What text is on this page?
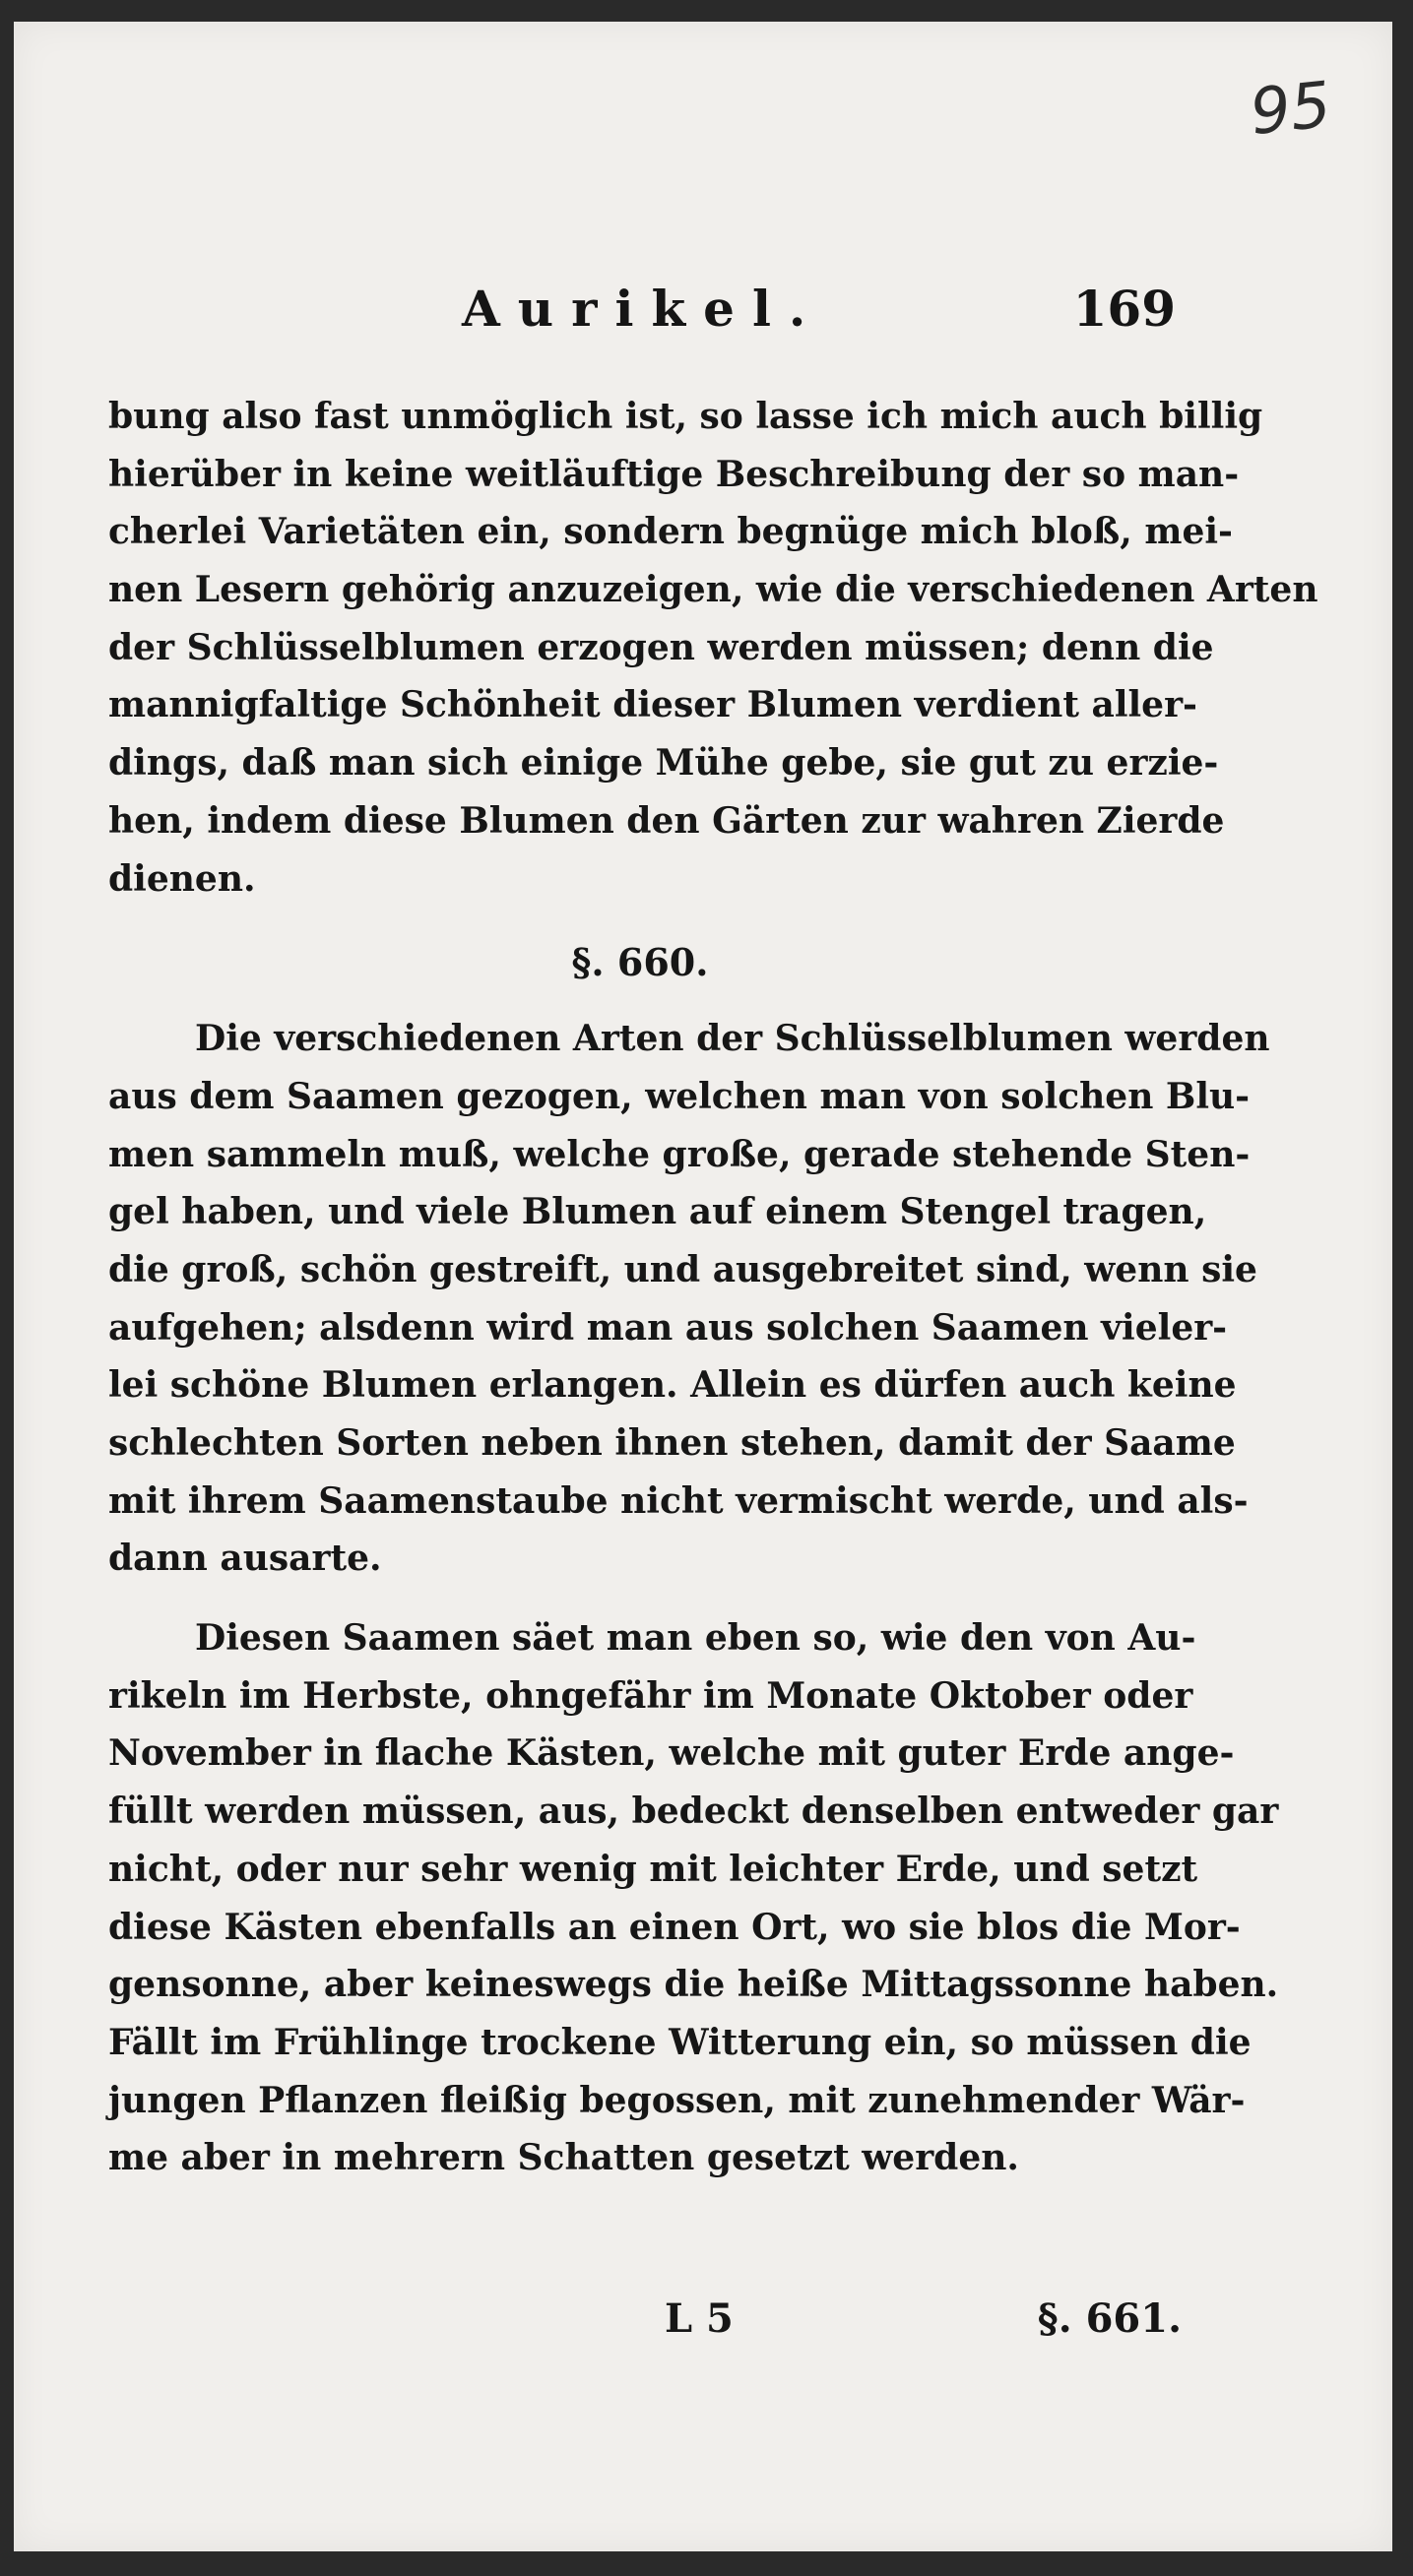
95
Aurikel.	169
bung also fast unmöglich ist, so lasse ich mich auch billig
hierüber in keine weitläuftige Beschreibung der so man-
cherlei Varietäten ein, sondern begnüge mich bloß, mei-
nen Lesern gehörig anzuzeigen, wie die verschiedenen Arten
der Schlüsselblumen erzogen werden müssen; denn die
mannigfaltige Schönheit dieser Blumen verdient aller-
dings, daß man sich einige Mühe gebe, sie gut zu erzie-
hen, indem diese Blumen den Gärten zur wahren Zierde
dienen.
§. 660.
Die verschiedenen Arten der Schlüsselblumen werden
aus dem Saamen gezogen, welchen man von solchen Blu-
men sammeln muß, welche große, gerade stehende Sten-
gel haben, und viele Blumen auf einem Stengel tragen,
die groß, schön gestreift, und ausgebreitet sind, wenn sie
aufgehen; alsdenn wird man aus solchen Saamen vieler-
lei schöne Blumen erlangen. Allein es dürfen auch keine
schlechten Sorten neben ihnen stehen, damit der Saame
mit ihrem Saamenstaube nicht vermischt werde, und als-
dann ausarte.
Diesen Saamen säet man eben so, wie den von Au-
rikeln im Herbste, ohngefähr im Monate Oktober oder
November in flache Kästen, welche mit guter Erde ange-
füllt werden müssen, aus, bedeckt denselben entweder gar
nicht, oder nur sehr wenig mit leichter Erde, und setzt
diese Kästen ebenfalls an einen Ort, wo sie blos die Mor-
gensonne, aber keineswegs die heiße Mittagssonne haben.
Fällt im Frühlinge trockene Witterung ein, so müssen die
jungen Pflanzen fleißig begossen, mit zunehmender Wär-
me aber in mehrern Schatten gesetzt werden.
L 5	§. 661.
